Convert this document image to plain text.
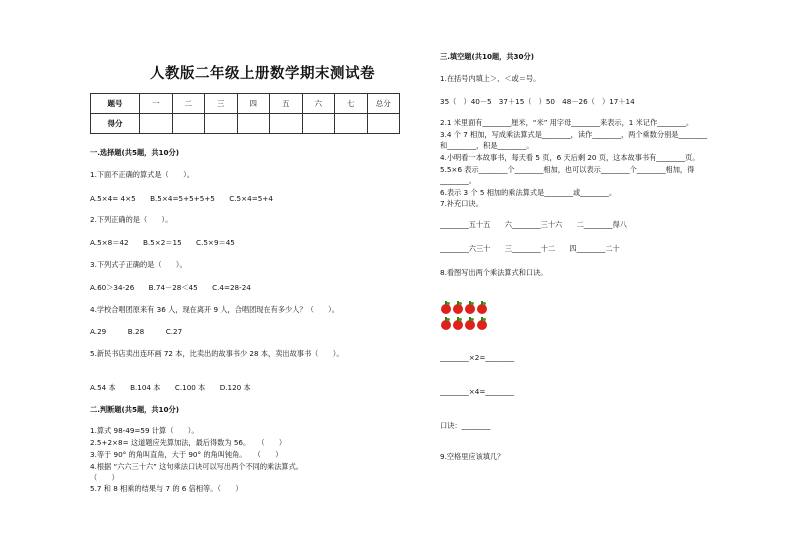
人教版二年级上册数学期末测试卷
题号	一	二	三	四	五	六	七	总分
得分								
一.选择题(共5题，共10分)
1.下面不正确的算式是（　　）。
A.5×4= 4×5　　B.5×4=5+5+5+5　　C.5×4=5+4
2.下列正确的是（　　）。
A.5×8＝42　　B.5×2＝15　　C.5×9＝45
3.下列式子正确的是（　　）。
A.60＞34-26　　B.74－28＜45　　C.4=28-24
4.学校合唱团原来有 36 人，现在离开 9 人，合唱团现在有多少人？（　　）。
A.29　　　B.28　　　C.27
5.新民书店卖出连环画 72 本，比卖出的故事书少 28 本，卖出故事书（　　）。
A.54 本　　B.104 本　　C.100 本　　D.120 本
二.判断题(共5题，共10分)
1.算式 98-49=59 计算（　　）。
2.5+2×8= 这道题应先算加法，最后得数为 56。　　（　　）
3.等于 90° 的角叫直角，大于 90° 的角叫钝角。　　（　　）
4.根据 “六六三十六” 这句乘法口诀可以写出两个不同的乘法算式。
（　　）
5.7 和 8 相乘的结果与 7 的 6 倍相等。（　　）
三.填空题(共10题，共30分)
1.在括号内填上＞、＜或＝号。
35（　）40－5　37＋15（　）50　48－26（　）17＋14
2.1 米里面有________厘米，“米” 用字母________来表示，1 米记作________。
3.4 个 7 相加，写成乘法算式是________，读作________，两个乘数分别是________
和________，积是________。
4.小明看一本故事书，每天看 5 页，6 天后剩 20 页，这本故事书有________页。
5.5×6 表示________个________相加，也可以表示________个________相加，得
________。
6.表示 3 个 5 相加的乘法算式是________或________。
7.补充口诀。
________五十五　　六________三十六　　二________得八
________六三十　　三________十二　　四________二十
8.看图写出两个乘法算式和口诀。
________×2=________
________×4=________
口诀：________
9.空格里应该填几？
